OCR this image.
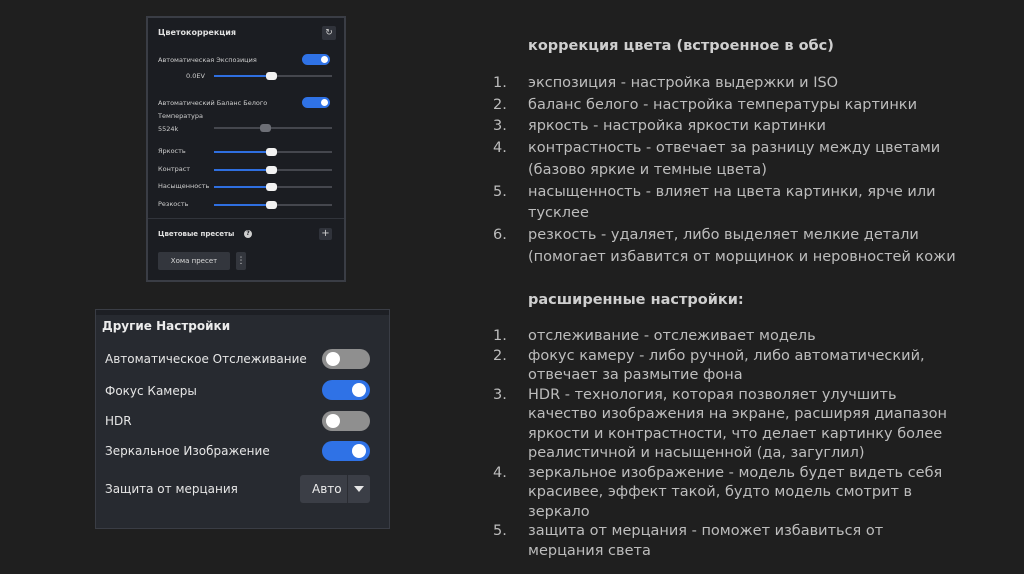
Цветокоррекция	↻
Автоматическая Экспозиция
0.0EV
Автоматический Баланс Белого
Температура
5524k
Яркость
Контраст
Насыщенность
Резкость
Цветовые пресеты	?	+
Хома пресет	⋮
Другие Настройки
Автоматическое Отслеживание
Фокус Камеры
HDR
Зеркальное Изображение
Защита от мерцания	Авто
коррекция цвета (встроенное в обс)
1. экспозиция - настройка выдержки и ISO
2. баланс белого - настройка температуры картинки
3. яркость - настройка яркости картинки
4. контрастность - отвечает за разницу между цветами
(базово яркие и темные цвета)
5. насыщенность - влияет на цвета картинки, ярче или
тусклее
6. резкость - удаляет, либо выделяет мелкие детали
(помогает избавится от морщинок и неровностей кожи
расширенные настройки:
1. отслеживание - отслеживает модель
2. фокус камеру - либо ручной, либо автоматический,
отвечает за размытие фона
3. HDR - технология, которая позволяет улучшить
качество изображения на экране, расширяя диапазон
яркости и контрастности, что делает картинку более
реалистичной и насыщенной (да, загуглил)
4. зеркальное изображение - модель будет видеть себя
красивее, эффект такой, будто модель смотрит в
зеркало
5. защита от мерцания - поможет избавиться от
мерцания света
